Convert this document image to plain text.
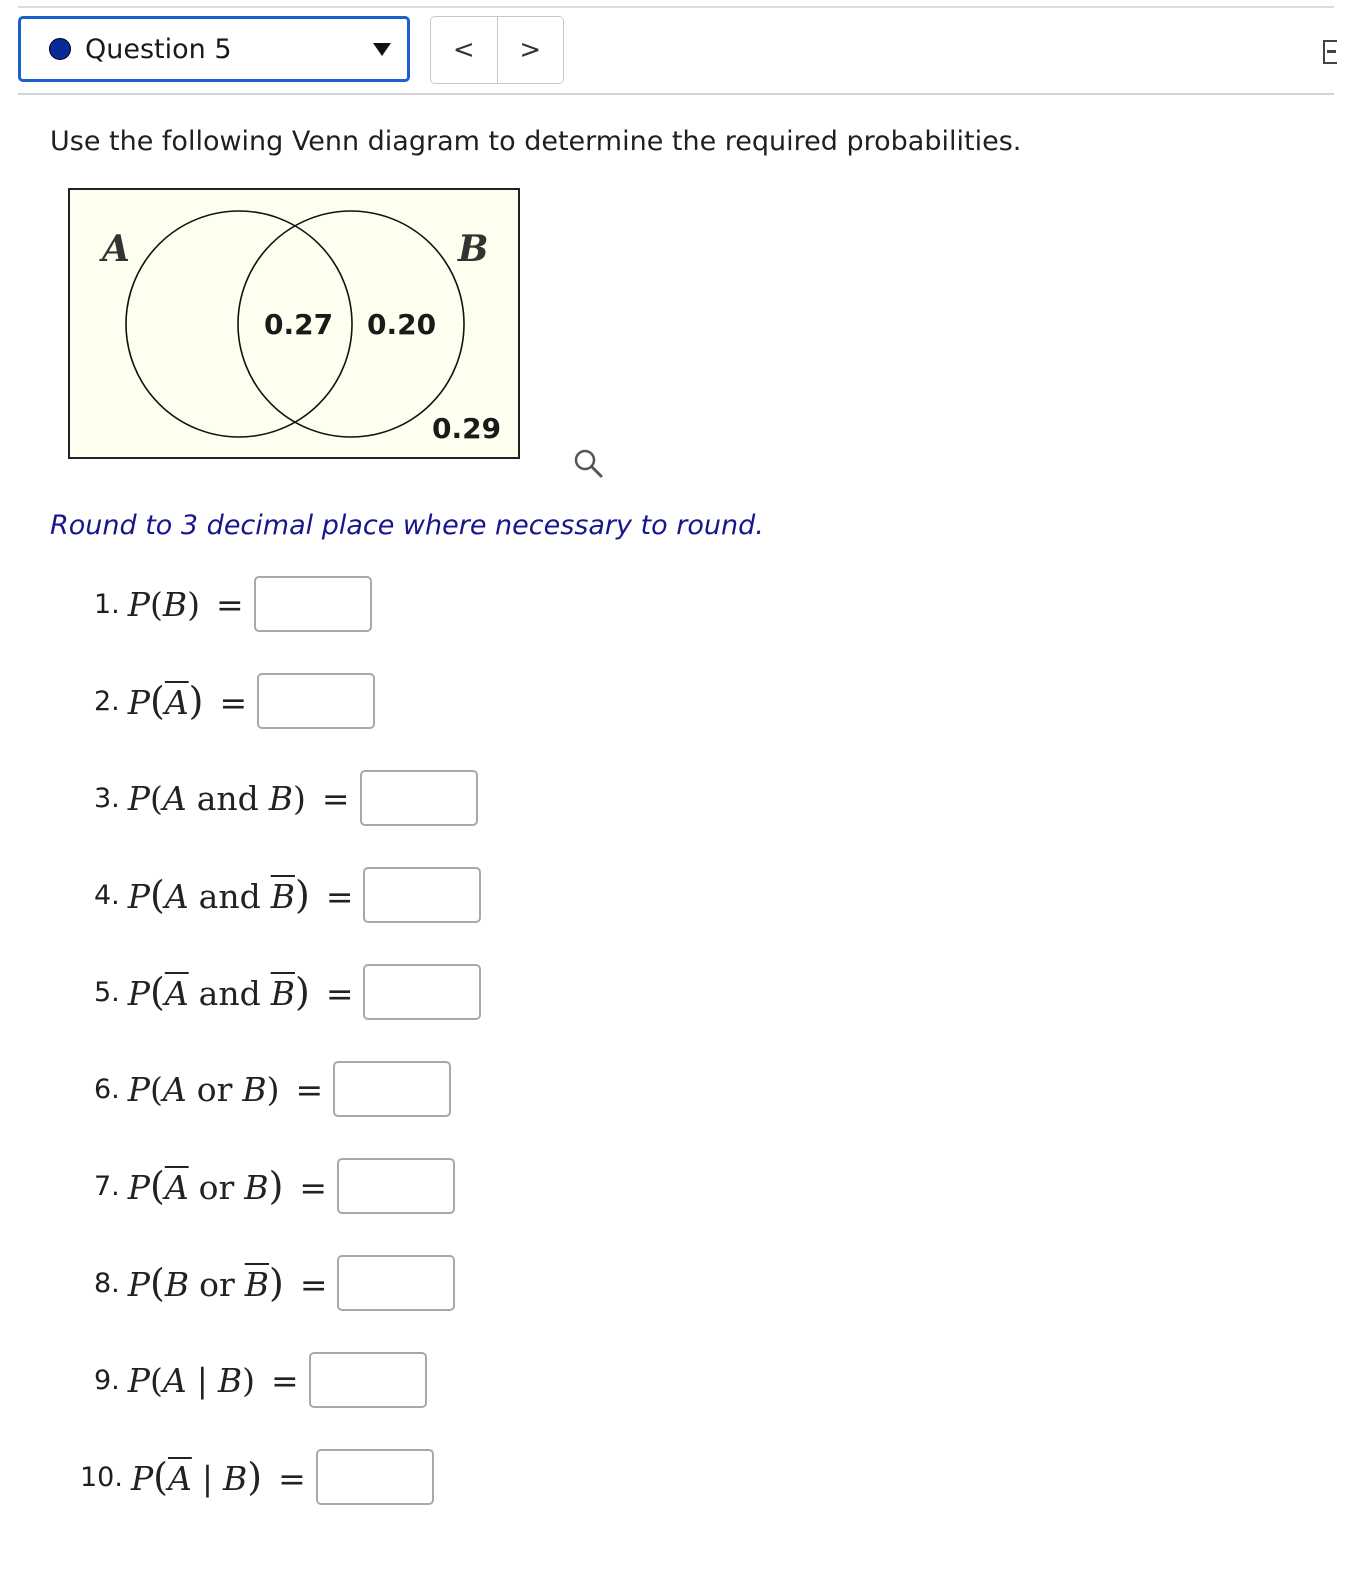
Question 5	< >
Use the following Venn diagram to determine the required probabilities.
A	B
0.27 0.20
0.29
Round to 3 decimal place where necessary to round.
1. P(B) =
2. $P(\overline{A})$ =
3. P(A and B) =
4. P(A and $\overline{B}$) =
5. $P(\overline{A}$ and $\overline{B}$) =
6. P(A or B) =
7. $P(\overline{A}$ or B) =
8. P(B or $\overline{B}$) =
9. P(A | B) =
10. $P(\overline{A}$ | B) =
